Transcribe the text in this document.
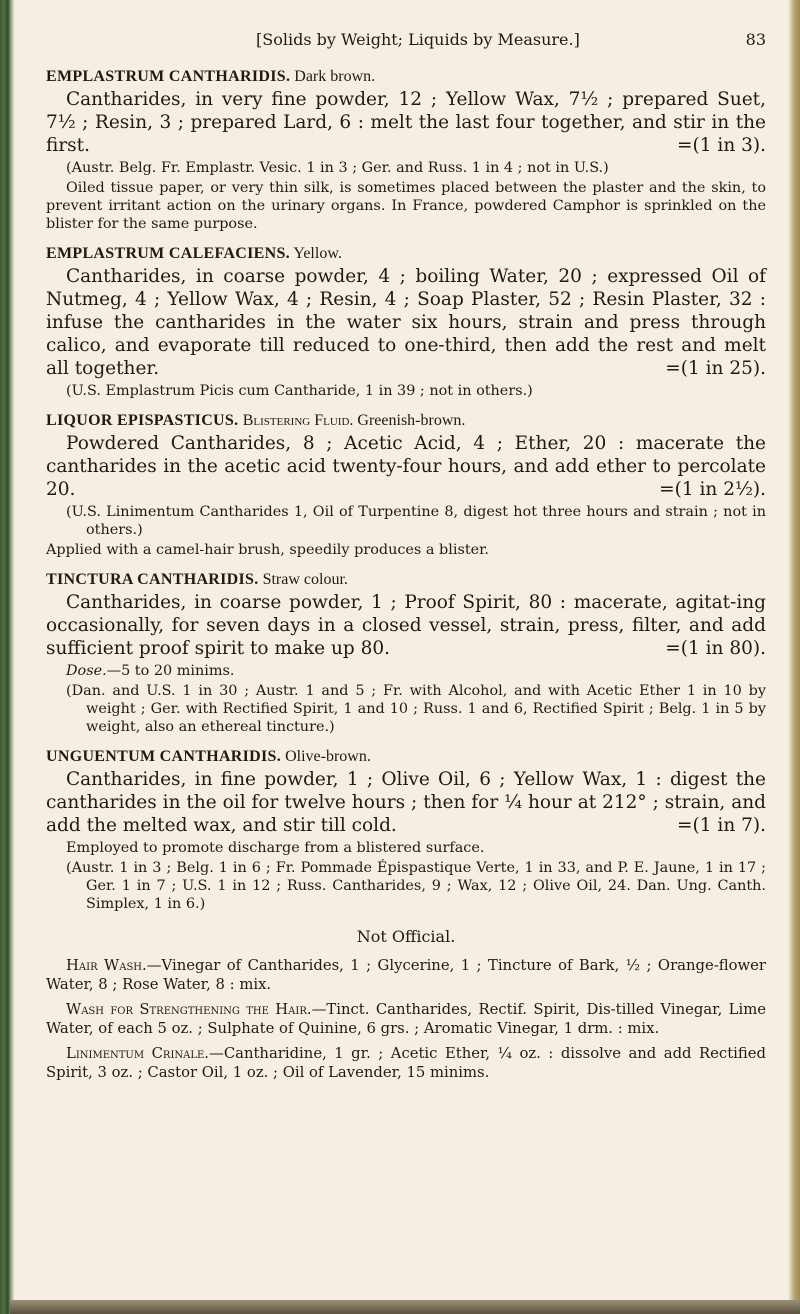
[Solids by Weight; Liquids by Measure.]	83

EMPLASTRUM CANTHARIDIS. Dark brown.

Cantharides, in very fine powder, 12 ; Yellow Wax, 7½ ; prepared Suet, 7½ ; Resin, 3 ; prepared Lard, 6 : melt the last four together, and stir in the first.	=(1 in 3).

(Austr. Belg. Fr. Emplastr. Vesic. 1 in 3 ; Ger. and Russ. 1 in 4 ; not in U.S.)

Oiled tissue paper, or very thin silk, is sometimes placed between the plaster and the skin, to prevent irritant action on the urinary organs. In France, powdered Camphor is sprinkled on the blister for the same purpose.

EMPLASTRUM CALEFACIENS. Yellow.

Cantharides, in coarse powder, 4 ; boiling Water, 20 ; expressed Oil of Nutmeg, 4 ; Yellow Wax, 4 ; Resin, 4 ; Soap Plaster, 52 ; Resin Plaster, 32 : infuse the cantharides in the water six hours, strain and press through calico, and evaporate till reduced to one-third, then add the rest and melt all together.	=(1 in 25).

(U.S. Emplastrum Picis cum Cantharide, 1 in 39 ; not in others.)

LIQUOR EPISPASTICUS. Blistering Fluid. Greenish-brown.

Powdered Cantharides, 8 ; Acetic Acid, 4 ; Ether, 20 : macerate the cantharides in the acetic acid twenty-four hours, and add ether to percolate 20.	=(1 in 2½).

(U.S. Linimentum Cantharides 1, Oil of Turpentine 8, digest hot three hours and strain ; not in others.)

Applied with a camel-hair brush, speedily produces a blister.

TINCTURA CANTHARIDIS. Straw colour.

Cantharides, in coarse powder, 1 ; Proof Spirit, 80 : macerate, agitat-ing occasionally, for seven days in a closed vessel, strain, press, filter, and add sufficient proof spirit to make up 80.	=(1 in 80).

Dose.—5 to 20 minims.

(Dan. and U.S. 1 in 30 ; Austr. 1 and 5 ; Fr. with Alcohol, and with Acetic Ether 1 in 10 by weight ; Ger. with Rectified Spirit, 1 and 10 ; Russ. 1 and 6, Rectified Spirit ; Belg. 1 in 5 by weight, also an ethereal tincture.)

UNGUENTUM CANTHARIDIS. Olive-brown.

Cantharides, in fine powder, 1 ; Olive Oil, 6 ; Yellow Wax, 1 : digest the cantharides in the oil for twelve hours ; then for ¼ hour at 212° ; strain, and add the melted wax, and stir till cold.	=(1 in 7).

Employed to promote discharge from a blistered surface.

(Austr. 1 in 3 ; Belg. 1 in 6 ; Fr. Pommade Épispastique Verte, 1 in 33, and P. E. Jaune, 1 in 17 ; Ger. 1 in 7 ; U.S. 1 in 12 ; Russ. Cantharides, 9 ; Wax, 12 ; Olive Oil, 24. Dan. Ung. Canth. Simplex, 1 in 6.)

Not Official.

Hair Wash.—Vinegar of Cantharides, 1 ; Glycerine, 1 ; Tincture of Bark, ½ ; Orange-flower Water, 8 ; Rose Water, 8 : mix.

Wash for Strengthening the Hair.—Tinct. Cantharides, Rectif. Spirit, Dis-tilled Vinegar, Lime Water, of each 5 oz. ; Sulphate of Quinine, 6 grs. ; Aromatic Vinegar, 1 drm. : mix.

Linimentum Crinale.—Cantharidine, 1 gr. ; Acetic Ether, ¼ oz. : dissolve and add Rectified Spirit, 3 oz. ; Castor Oil, 1 oz. ; Oil of Lavender, 15 minims.
